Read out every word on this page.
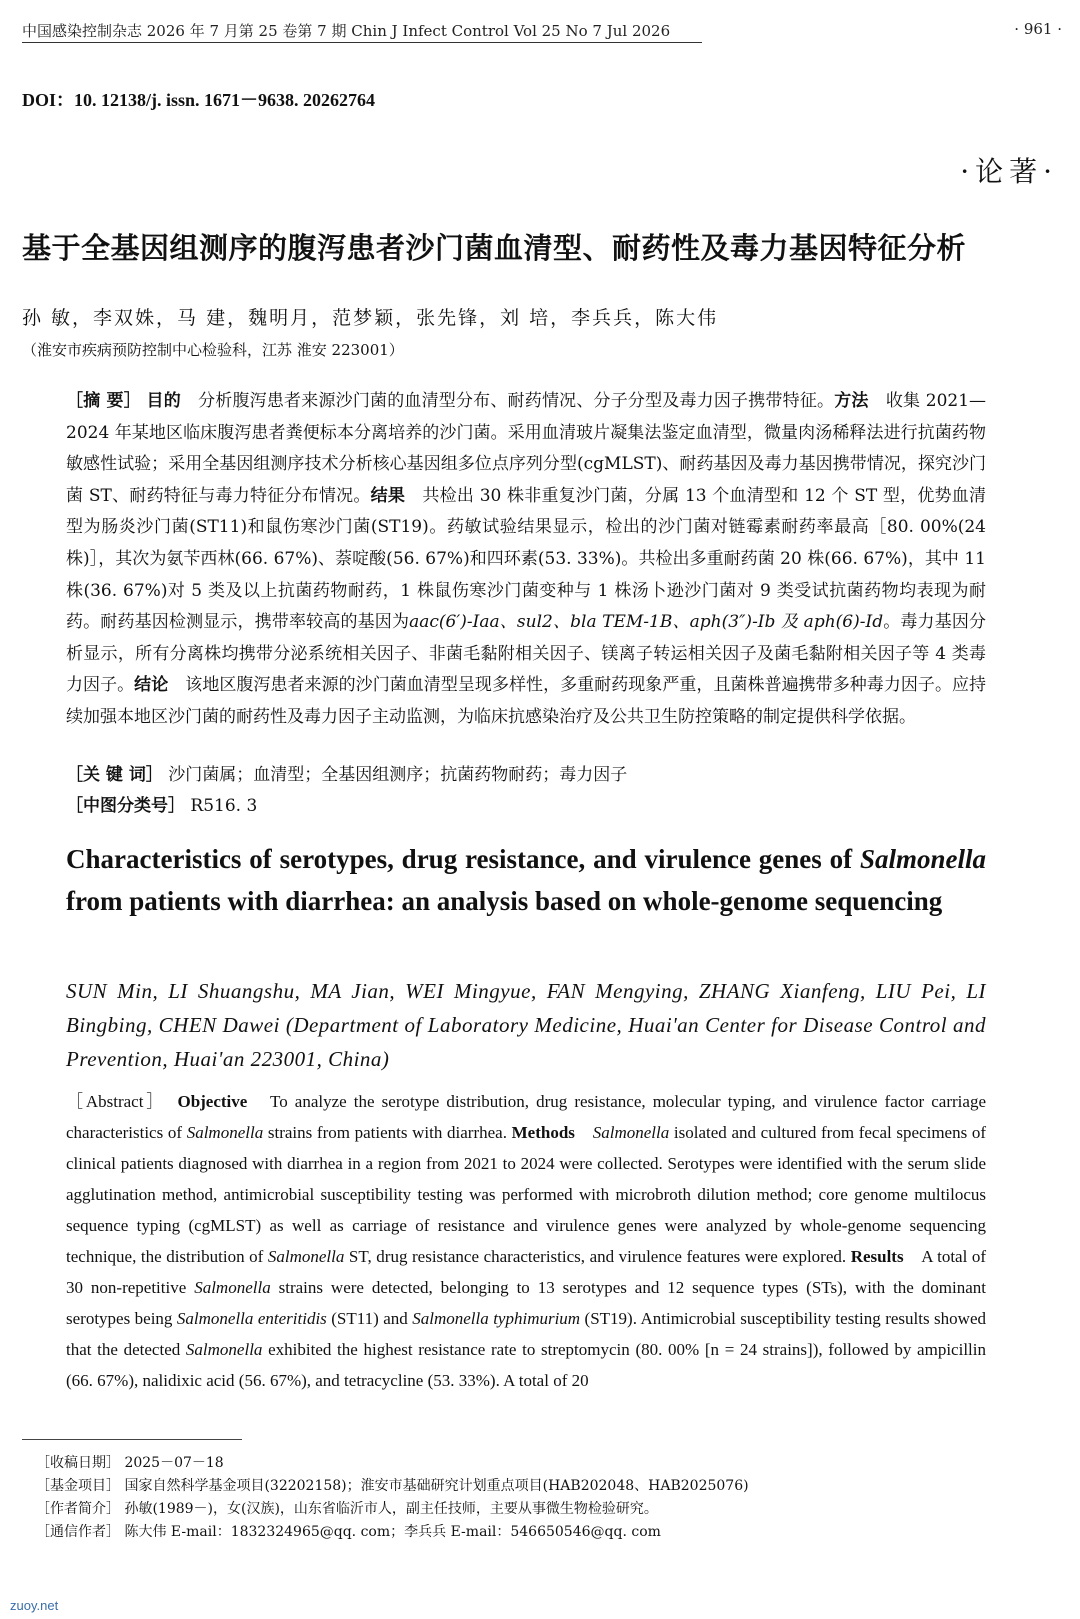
中国感染控制杂志 2026 年 7 月第 25 卷第 7 期 Chin J Infect Control Vol 25 No 7 Jul 2026	· 961 ·
DOI：10. 12138/j. issn. 1671－9638. 20262764
·论著·
基于全基因组测序的腹泻患者沙门菌血清型、耐药性及毒力基因特征分析
孙 敏，李双姝，马 建，魏明月，范梦颖，张先锋，刘 培，李兵兵，陈大伟
（淮安市疾病预防控制中心检验科，江苏 淮安 223001）
［摘 要］ 目的　 分析腹泻患者来源沙门菌的血清型分布、耐药情况、分子分型及毒力因子携带特征。方法　 收集 2021—2024 年某地区临床腹泻患者粪便标本分离培养的沙门菌。采用血清玻片凝集法鉴定血清型，微量肉汤稀释法进行抗菌药物敏感性试验；采用全基因组测序技术分析核心基因组多位点序列分型(cgMLST)、耐药基因及毒力基因携带情况，探究沙门菌 ST、耐药特征与毒力特征分布情况。结果　 共检出 30 株非重复沙门菌，分属 13 个血清型和 12 个 ST 型，优势血清型为肠炎沙门菌(ST11)和鼠伤寒沙门菌(ST19)。药敏试验结果显示，检出的沙门菌对链霉素耐药率最高［80. 00%(24 株)］，其次为氨苄西林(66. 67%)、萘啶酸(56. 67%)和四环素(53. 33%)。共检出多重耐药菌 20 株(66. 67%)，其中 11 株(36. 67%)对 5 类及以上抗菌药物耐药，1 株鼠伤寒沙门菌变种与 1 株汤卜逊沙门菌对 9 类受试抗菌药物均表现为耐药。耐药基因检测显示，携带率较高的基因为aac(6′)-Iaa、sul2、bla TEM-1B、aph(3″)-Ib 及 aph(6)-Id。毒力基因分析显示，所有分离株均携带分泌系统相关因子、非菌毛黏附相关因子、镁离子转运相关因子及菌毛黏附相关因子等 4 类毒力因子。结论　 该地区腹泻患者来源的沙门菌血清型呈现多样性，多重耐药现象严重，且菌株普遍携带多种毒力因子。应持续加强本地区沙门菌的耐药性及毒力因子主动监测，为临床抗感染治疗及公共卫生防控策略的制定提供科学依据。
［关 键 词］ 沙门菌属；血清型；全基因组测序；抗菌药物耐药；毒力因子
［中图分类号］ R516. 3
Characteristics of serotypes, drug resistance, and virulence genes of Salmonella from patients with diarrhea: an analysis based on whole-genome sequencing
SUN Min, LI Shuangshu, MA Jian, WEI Mingyue, FAN Mengying, ZHANG Xianfeng, LIU Pei, LI Bingbing, CHEN Dawei (Department of Laboratory Medicine, Huai'an Center for Disease Control and Prevention, Huai'an 223001, China)
［Abstract］　 Objective　 To analyze the serotype distribution, drug resistance, molecular typing, and virulence factor carriage characteristics of Salmonella strains from patients with diarrhea. Methods　 Salmonella isolated and cultured from fecal specimens of clinical patients diagnosed with diarrhea in a region from 2021 to 2024 were collected. Serotypes were identified with the serum slide agglutination method, antimicrobial susceptibility testing was performed with microbroth dilution method; core genome multilocus sequence typing (cgMLST) as well as carriage of resistance and virulence genes were analyzed by whole-genome sequencing technique, the distribution of Salmonella ST, drug resistance characteristics, and virulence features were explored. Results　 A total of 30 non-repetitive Salmonella strains were detected, belonging to 13 serotypes and 12 sequence types (STs), with the dominant serotypes being Salmonella enteritidis (ST11) and Salmonella typhimurium (ST19). Antimicrobial susceptibility testing results showed that the detected Salmonella exhibited the highest resistance rate to streptomycin (80. 00% [n = 24 strains]), followed by ampicillin (66. 67%), nalidixic acid (56. 67%), and tetracycline (53. 33%). A total of 20
［收稿日期］ 2025－07－18
［基金项目］ 国家自然科学基金项目(32202158)；淮安市基础研究计划重点项目(HAB202048、HAB2025076)
［作者简介］ 孙敏(1989－)，女(汉族)，山东省临沂市人，副主任技师，主要从事微生物检验研究。
［通信作者］ 陈大伟 E-mail：1832324965@qq. com；李兵兵 E-mail：546650546@qq. com
zuoy.net
